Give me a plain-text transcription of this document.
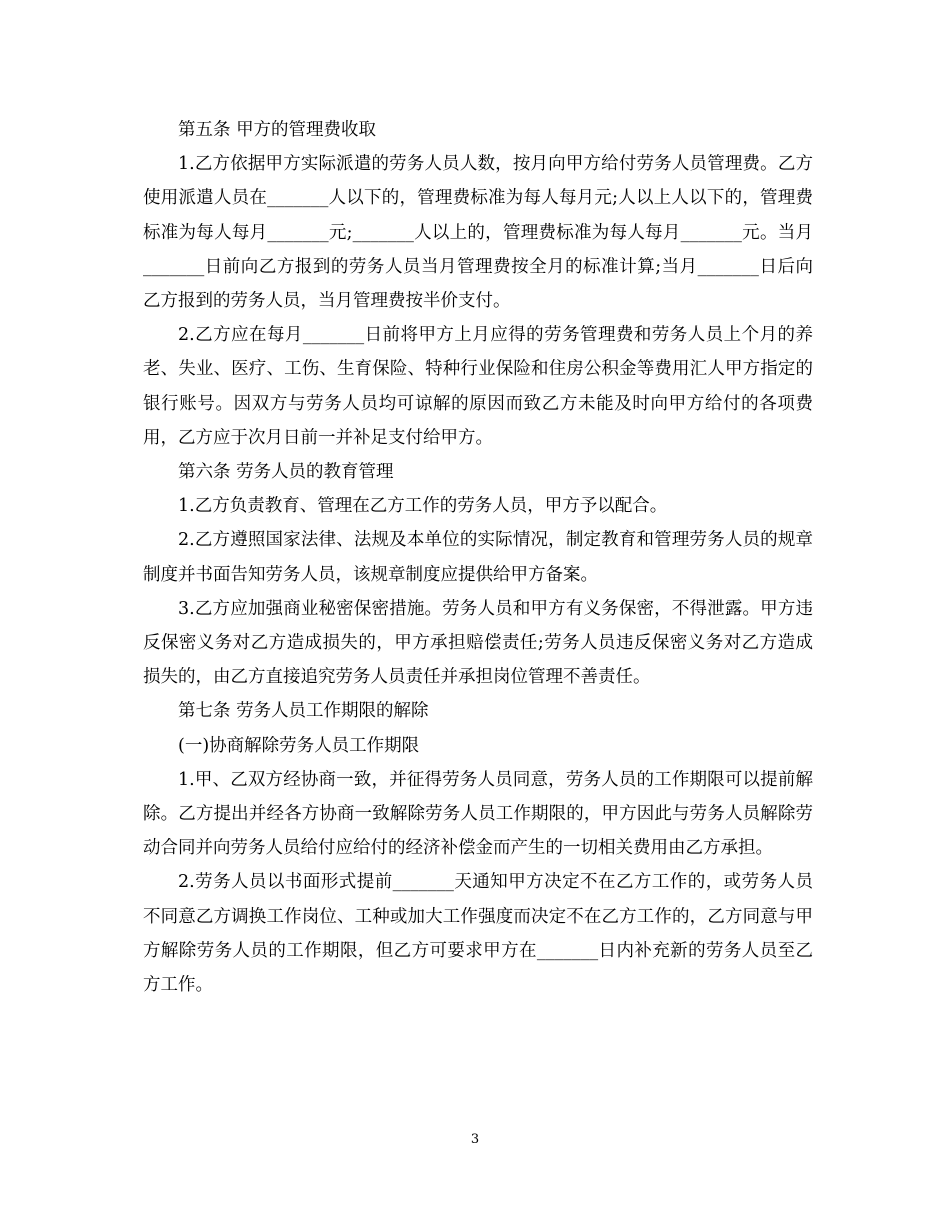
第五条 甲方的管理费收取

1.乙方依据甲方实际派遣的劳务人员人数，按月向甲方给付劳务人员管理费。乙方使用派遣人员在_______人以下的，管理费标准为每人每月元;人以上人以下的，管理费标准为每人每月_______元;_______人以上的，管理费标准为每人每月_______元。当月_______日前向乙方报到的劳务人员当月管理费按全月的标准计算;当月_______日后向乙方报到的劳务人员，当月管理费按半价支付。

2.乙方应在每月_______日前将甲方上月应得的劳务管理费和劳务人员上个月的养老、失业、医疗、工伤、生育保险、特种行业保险和住房公积金等费用汇人甲方指定的银行账号。因双方与劳务人员均可谅解的原因而致乙方未能及时向甲方给付的各项费用，乙方应于次月日前一并补足支付给甲方。

第六条 劳务人员的教育管理

1.乙方负责教育、管理在乙方工作的劳务人员，甲方予以配合。

2.乙方遵照国家法律、法规及本单位的实际情况，制定教育和管理劳务人员的规章制度并书面告知劳务人员，该规章制度应提供给甲方备案。

3.乙方应加强商业秘密保密措施。劳务人员和甲方有义务保密，不得泄露。甲方违反保密义务对乙方造成损失的，甲方承担赔偿责任;劳务人员违反保密义务对乙方造成损失的，由乙方直接追究劳务人员责任并承担岗位管理不善责任。

第七条 劳务人员工作期限的解除

(一)协商解除劳务人员工作期限

1.甲、乙双方经协商一致，并征得劳务人员同意，劳务人员的工作期限可以提前解除。乙方提出并经各方协商一致解除劳务人员工作期限的，甲方因此与劳务人员解除劳动合同并向劳务人员给付应给付的经济补偿金而产生的一切相关费用由乙方承担。

2.劳务人员以书面形式提前_______天通知甲方决定不在乙方工作的，或劳务人员不同意乙方调换工作岗位、工种或加大工作强度而决定不在乙方工作的，乙方同意与甲方解除劳务人员的工作期限，但乙方可要求甲方在_______日内补充新的劳务人员至乙方工作。

3
